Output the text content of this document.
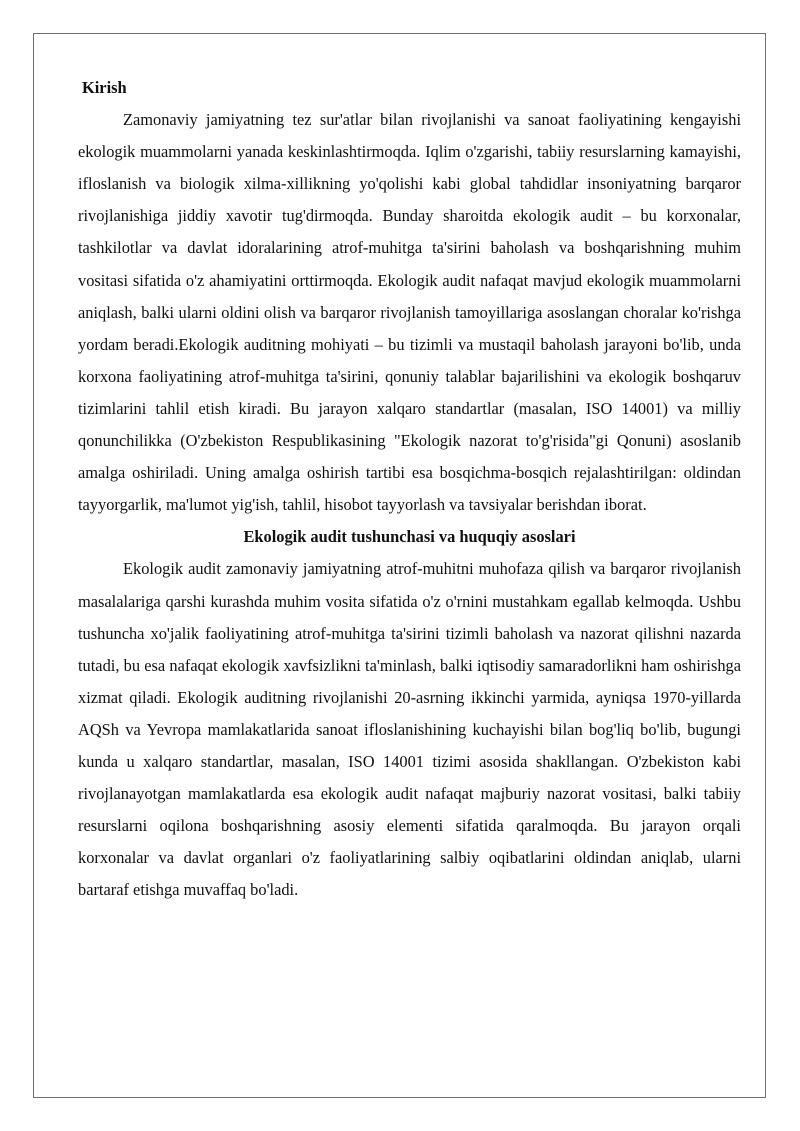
Kirish

Zamonaviy jamiyatning tez sur'atlar bilan rivojlanishi va sanoat faoliyatining kengayishi ekologik muammolarni yanada keskinlashtirmoqda. Iqlim o'zgarishi, tabiiy resurslarning kamayishi, ifloslanish va biologik xilma-xillikning yo'qolishi kabi global tahdidlar insoniyatning barqaror rivojlanishiga jiddiy xavotir tug'dirmoqda. Bunday sharoitda ekologik audit – bu korxonalar, tashkilotlar va davlat idoralarining atrof-muhitga ta'sirini baholash va boshqarishning muhim vositasi sifatida o'z ahamiyatini orttirmoqda. Ekologik audit nafaqat mavjud ekologik muammolarni aniqlash, balki ularni oldini olish va barqaror rivojlanish tamoyillariga asoslangan choralar ko'rishga yordam beradi.Ekologik auditning mohiyati – bu tizimli va mustaqil baholash jarayoni bo'lib, unda korxona faoliyatining atrof-muhitga ta'sirini, qonuniy talablar bajarilishini va ekologik boshqaruv tizimlarini tahlil etish kiradi. Bu jarayon xalqaro standartlar (masalan, ISO 14001) va milliy qonunchilikka (O'zbekiston Respublikasining "Ekologik nazorat to'g'risida"gi Qonuni) asoslanib amalga oshiriladi. Uning amalga oshirish tartibi esa bosqichma-bosqich rejalashtirilgan: oldindan tayyorgarlik, ma'lumot yig'ish, tahlil, hisobot tayyorlash va tavsiyalar berishdan iborat.

Ekologik audit tushunchasi va huquqiy asoslari

Ekologik audit zamonaviy jamiyatning atrof-muhitni muhofaza qilish va barqaror rivojlanish masalalariga qarshi kurashda muhim vosita sifatida o'z o'rnini mustahkam egallab kelmoqda. Ushbu tushuncha xo'jalik faoliyatining atrof-muhitga ta'sirini tizimli baholash va nazorat qilishni nazarda tutadi, bu esa nafaqat ekologik xavfsizlikni ta'minlash, balki iqtisodiy samaradorlikni ham oshirishga xizmat qiladi. Ekologik auditning rivojlanishi 20-asrning ikkinchi yarmida, ayniqsa 1970-yillarda AQSh va Yevropa mamlakatlarida sanoat ifloslanishining kuchayishi bilan bog'liq bo'lib, bugungi kunda u xalqaro standartlar, masalan, ISO 14001 tizimi asosida shakllangan. O'zbekiston kabi rivojlanayotgan mamlakatlarda esa ekologik audit nafaqat majburiy nazorat vositasi, balki tabiiy resurslarni oqilona boshqarishning asosiy elementi sifatida qaralmoqda. Bu jarayon orqali korxonalar va davlat organlari o'z faoliyatlarining salbiy oqibatlarini oldindan aniqlab, ularni bartaraf etishga muvaffaq bo'ladi.
